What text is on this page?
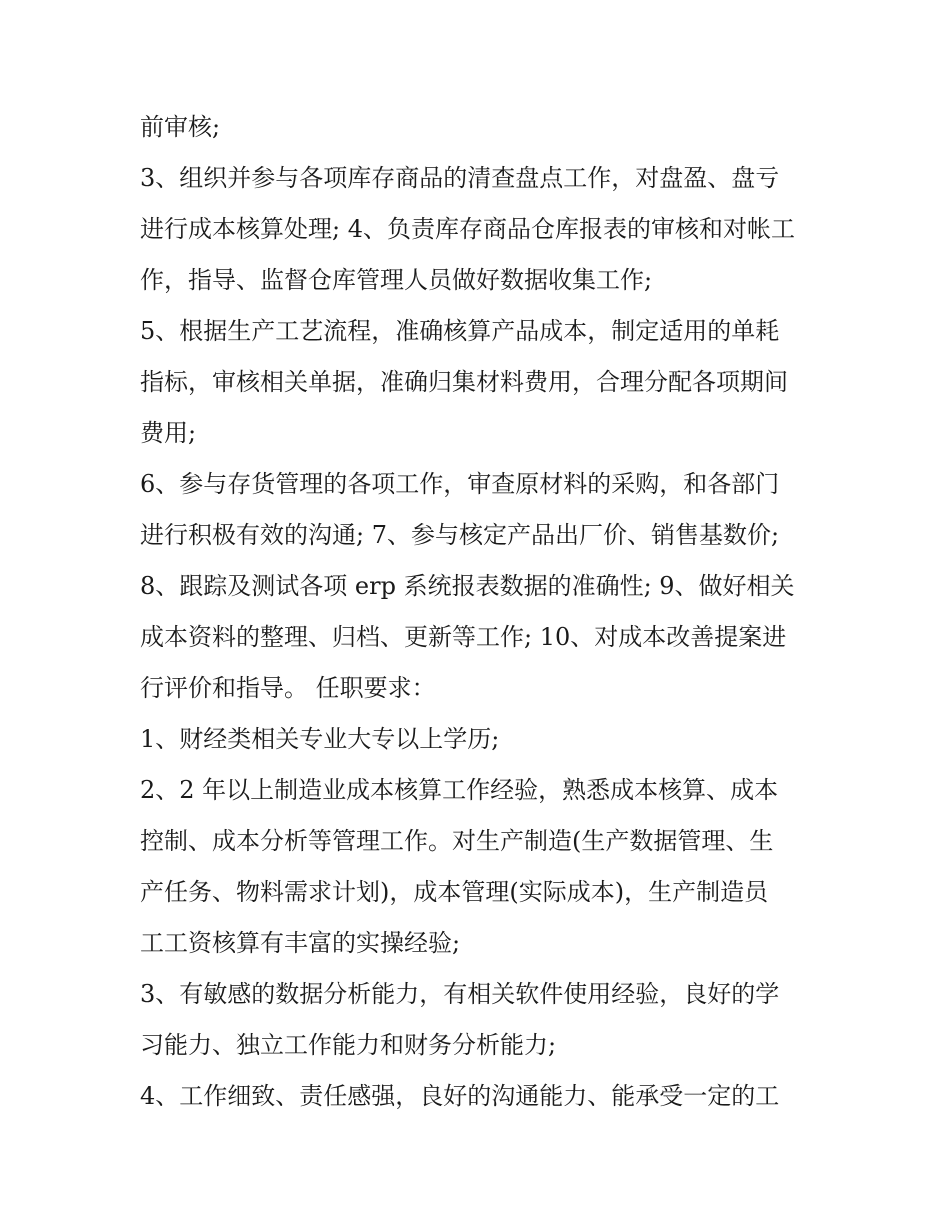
前审核;
3、组织并参与各项库存商品的清查盘点工作，对盘盈、盘亏
进行成本核算处理; 4、负责库存商品仓库报表的审核和对帐工
作，指导、监督仓库管理人员做好数据收集工作;
5、根据生产工艺流程，准确核算产品成本，制定适用的单耗
指标，审核相关单据，准确归集材料费用，合理分配各项期间
费用;
6、参与存货管理的各项工作，审查原材料的采购，和各部门
进行积极有效的沟通; 7、参与核定产品出厂价、销售基数价;
8、跟踪及测试各项 erp 系统报表数据的准确性; 9、做好相关
成本资料的整理、归档、更新等工作; 10、对成本改善提案进
行评价和指导。 任职要求：
1、财经类相关专业大专以上学历;
2、2 年以上制造业成本核算工作经验，熟悉成本核算、成本
控制、成本分析等管理工作。对生产制造(生产数据管理、生
产任务、物料需求计划)，成本管理(实际成本)，生产制造员
工工资核算有丰富的实操经验;
3、有敏感的数据分析能力，有相关软件使用经验，良好的学
习能力、独立工作能力和财务分析能力;
4、工作细致、责任感强，良好的沟通能力、能承受一定的工
